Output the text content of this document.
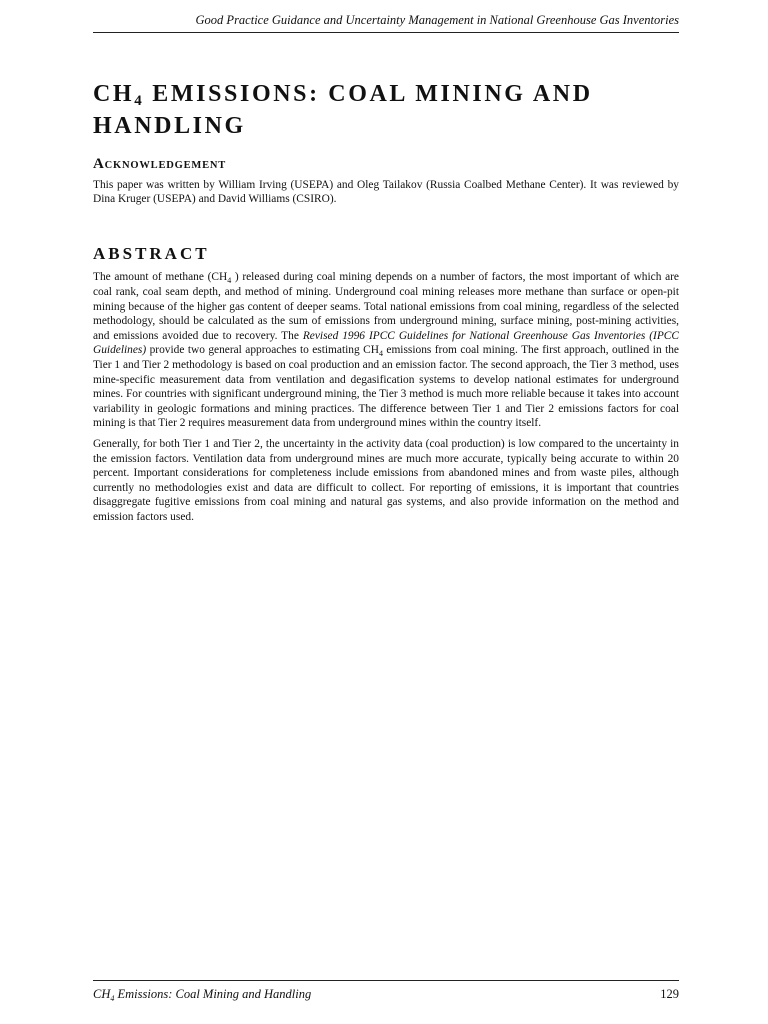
Good Practice Guidance and Uncertainty Management in National Greenhouse Gas Inventories
CH4 EMISSIONS: COAL MINING AND
HANDLING
ACKNOWLEDGEMENT

This paper was written by William Irving (USEPA) and Oleg Tailakov (Russia Coalbed Methane Center). It was reviewed by Dina Kruger (USEPA) and David Williams (CSIRO).

ABSTRACT

The amount of methane ($CH_4$ ) released during coal mining depends on a number of factors, the most important of which are coal rank, coal seam depth, and method of mining. Underground coal mining releases more methane than surface or open-pit mining because of the higher gas content of deeper seams. Total national emissions from coal mining, regardless of the selected methodology, should be calculated as the sum of emissions from underground mining, surface mining, post-mining activities, and emissions avoided due to recovery. The Revised 1996 IPCC Guidelines for National Greenhouse Gas Inventories (IPCC Guidelines) provide two general approaches to estimating $CH_4$ emissions from coal mining. The first approach, outlined in the Tier 1 and Tier 2 methodology is based on coal production and an emission factor. The second approach, the Tier 3 method, uses mine-specific measurement data from ventilation and degasification systems to develop national estimates for underground mines. For countries with significant underground mining, the Tier 3 method is much more reliable because it takes into account variability in geologic formations and mining practices. The difference between Tier 1 and Tier 2 emissions factors for coal mining is that Tier 2 requires measurement data from underground mines within the country itself.

Generally, for both Tier 1 and Tier 2, the uncertainty in the activity data (coal production) is low compared to the uncertainty in the emission factors. Ventilation data from underground mines are much more accurate, typically being accurate to within 20 percent. Important considerations for completeness include emissions from abandoned mines and from waste piles, although currently no methodologies exist and data are difficult to collect. For reporting of emissions, it is important that countries disaggregate fugitive emissions from coal mining and natural gas systems, and also provide information on the method and emission factors used.

$CH_4$ Emissions: Coal Mining and Handling	129
